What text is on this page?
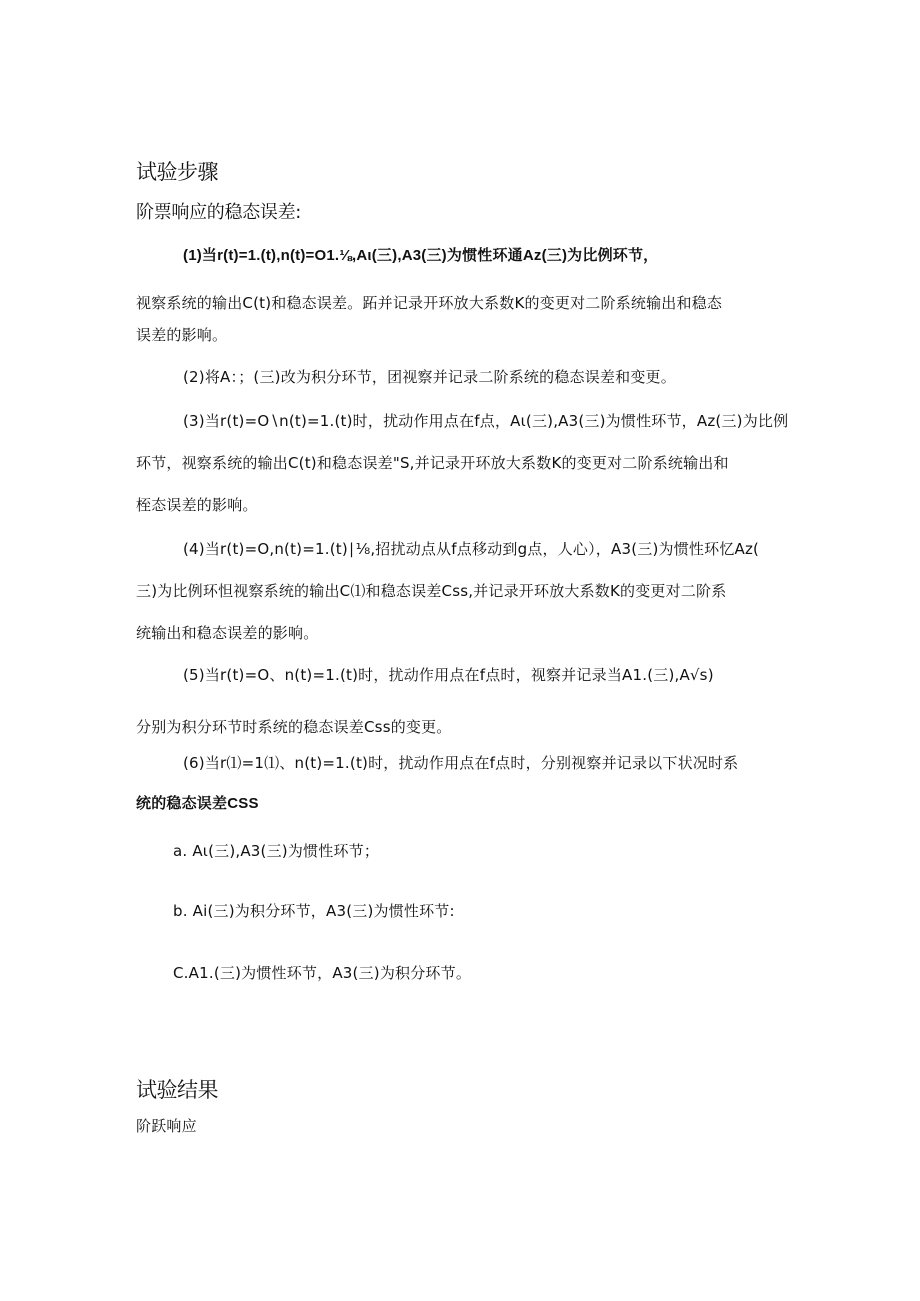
试验步骤
阶票响应的稳态误差:

(1)当r(t)=1.(t),n(t)=O1.⅛,Aι(三),A3(三)为惯性环通Az(三)为比例环节，

视察系统的输出C(t)和稳态误差。跖并记录开环放大系数K的变更对二阶系统输出和稳态

误差的影响。

(2)将A：；(三)改为积分环节，团视察并记录二阶系统的稳态误差和变更。

(3)当r(t)=O∖n(t)=1.(t)时，扰动作用点在f点，Aι(三),A3(三)为惯性环节，Az(三)为比例

环节，视察系统的输出C(t)和稳态误差"S,并记录开环放大系数K的变更对二阶系统输出和

桎态误差的影响。

(4)当r(t)=O,n(t)=1.(t)∣⅛,招扰动点从f点移动到g点，人心），A3(三)为惯性环忆Az(

三)为比例环怛视察系统的输出C⑴和稳态误差Css,并记录开环放大系数K的变更对二阶系

统输出和稳态误差的影响。

(5)当r(t)=O、n(t)=1.(t)时，扰动作用点在f点时，视察并记录当A1.(三),A√s)

分别为积分环节时系统的稳态误差Css的变更。

(6)当r⑴=1⑴、n(t)=1.(t)时，扰动作用点在f点时，分别视察并记录以下状况时系

统的稳态误差CSS

a. Aι(三),A3(三)为惯性环节；

b. Ai(三)为积分环节，A3(三)为惯性环节:

C.A1.(三)为惯性环节，A3(三)为积分环节。

试验结果
阶跃响应
